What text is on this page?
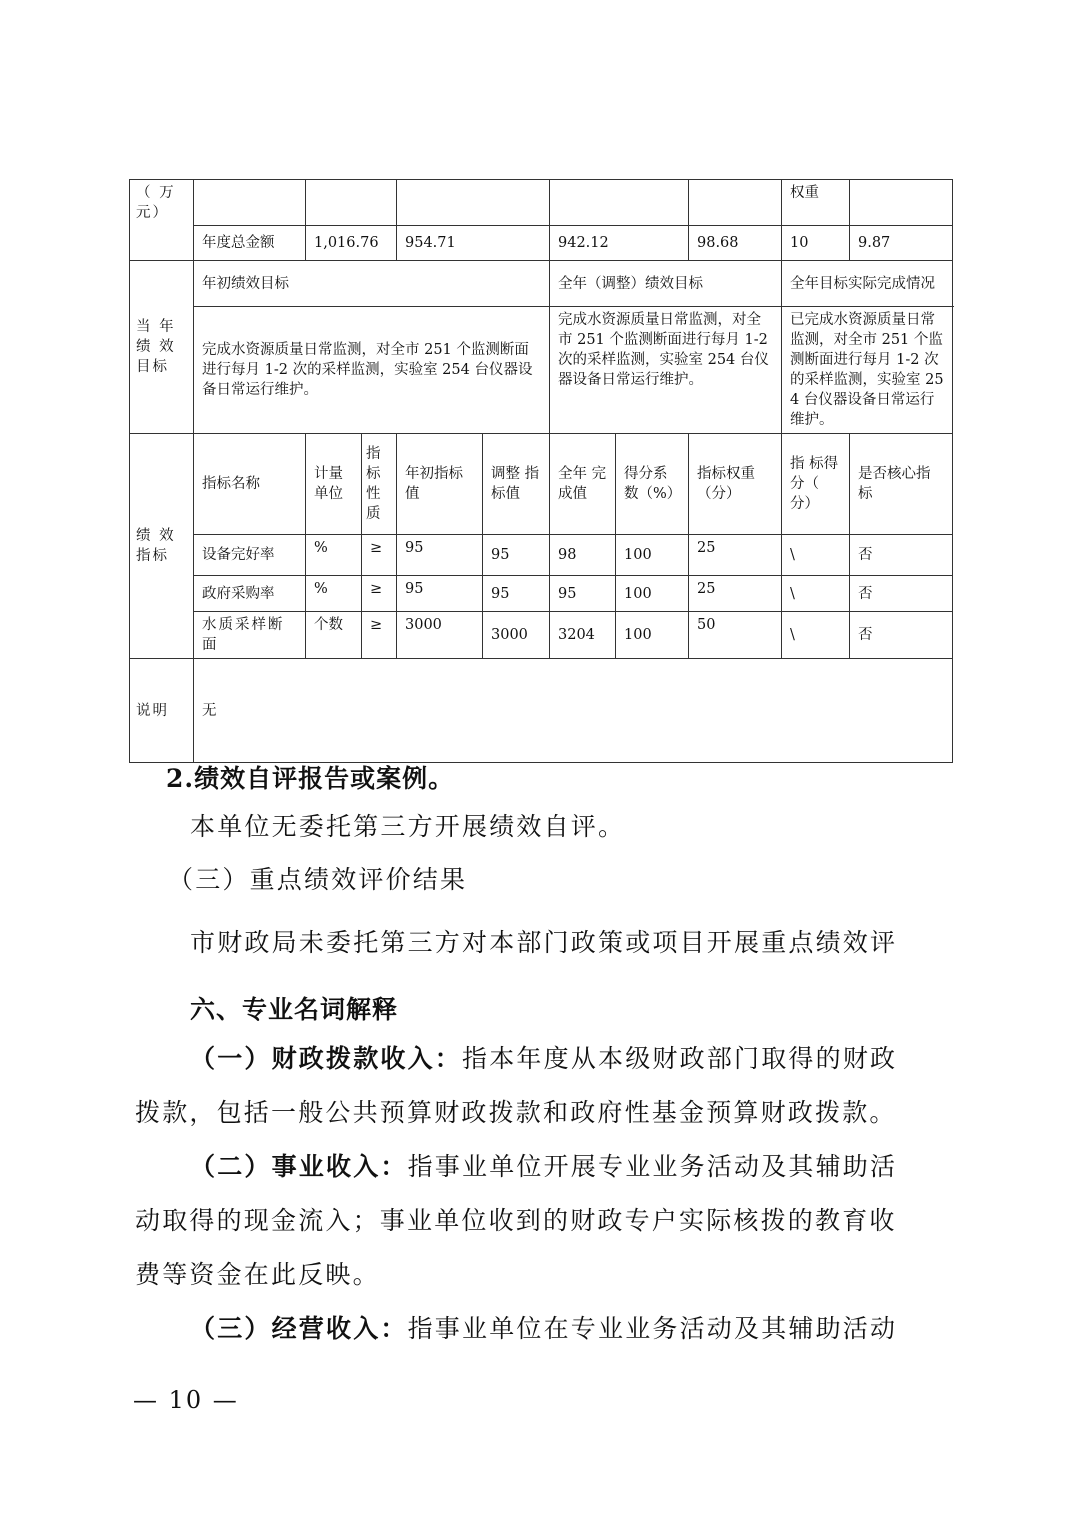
（ 万元）									权重	
	年度总金额	1,016.76		954.71		942.12		98.68	10	9.87
当 年 绩 效 目标	年初绩效目标					全年（调整）绩效目标			全年目标实际完成情况	
	完成水资源质量日常监测，对全市 251 个监测断面进行每月 1-2 次的采样监测，实验室 254 台仪器设备日常运行维护。					完成水资源质量日常监测，对全市 251 个监测断面进行每月 1-2 次的采样监测，实验室 254 台仪器设备日常运行维护。			已完成水资源质量日常监测，对全市 251 个监测断面进行每月 1-2 次的采样监测，实验室 254 台仪器设备日常运行维护。	
绩 效 指标	指标名称	计量单位	指标性质	年初指标值	调整 指 标值	全年 完 成值	得分系数（%）	指标权重（分）	指 标得分（ 分）	是否核心指标
	设备完好率	%	≥	95	95	98	100	25	\	否
	政府采购率	%	≥	95	95	95	100	25	\	否
	水质采样断面	个数	≥	3000	3000	3204	100	50	\	否
说明	无									
2.绩效自评报告或案例。
本单位无委托第三方开展绩效自评。
（三）重点绩效评价结果
市财政局未委托第三方对本部门政策或项目开展重点绩效评
六、专业名词解释
（一）财政拨款收入：指本年度从本级财政部门取得的财政
拨款，包括一般公共预算财政拨款和政府性基金预算财政拨款。
（二）事业收入：指事业单位开展专业业务活动及其辅助活
动取得的现金流入；事业单位收到的财政专户实际核拨的教育收
费等资金在此反映。
（三）经营收入：指事业单位在专业业务活动及其辅助活动
— 10 —
